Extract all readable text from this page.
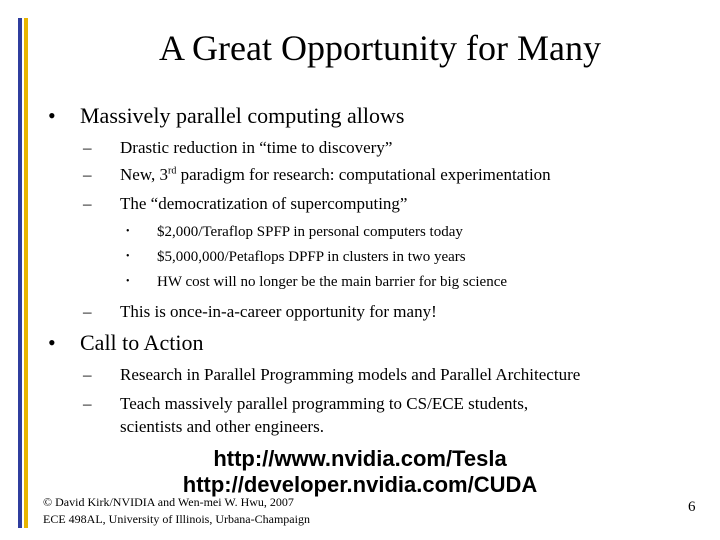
A Great Opportunity for Many
• Massively parallel computing allows
– Drastic reduction in “time to discovery”
– New, 3rd paradigm for research: computational experimentation
– The “democratization of supercomputing”
• $2,000/Teraflop SPFP in personal computers today
• $5,000,000/Petaflops DPFP in clusters in two years
• HW cost will no longer be the main barrier for big science
– This is once-in-a-career opportunity for many!
• Call to Action
– Research in Parallel Programming models and Parallel Architecture
– Teach massively parallel programming to CS/ECE students,
scientists and other engineers.
http://www.nvidia.com/Tesla
http://developer.nvidia.com/CUDA
© David Kirk/NVIDIA and Wen-mei W. Hwu, 2007
ECE 498AL, University of Illinois, Urbana-Champaign
6
